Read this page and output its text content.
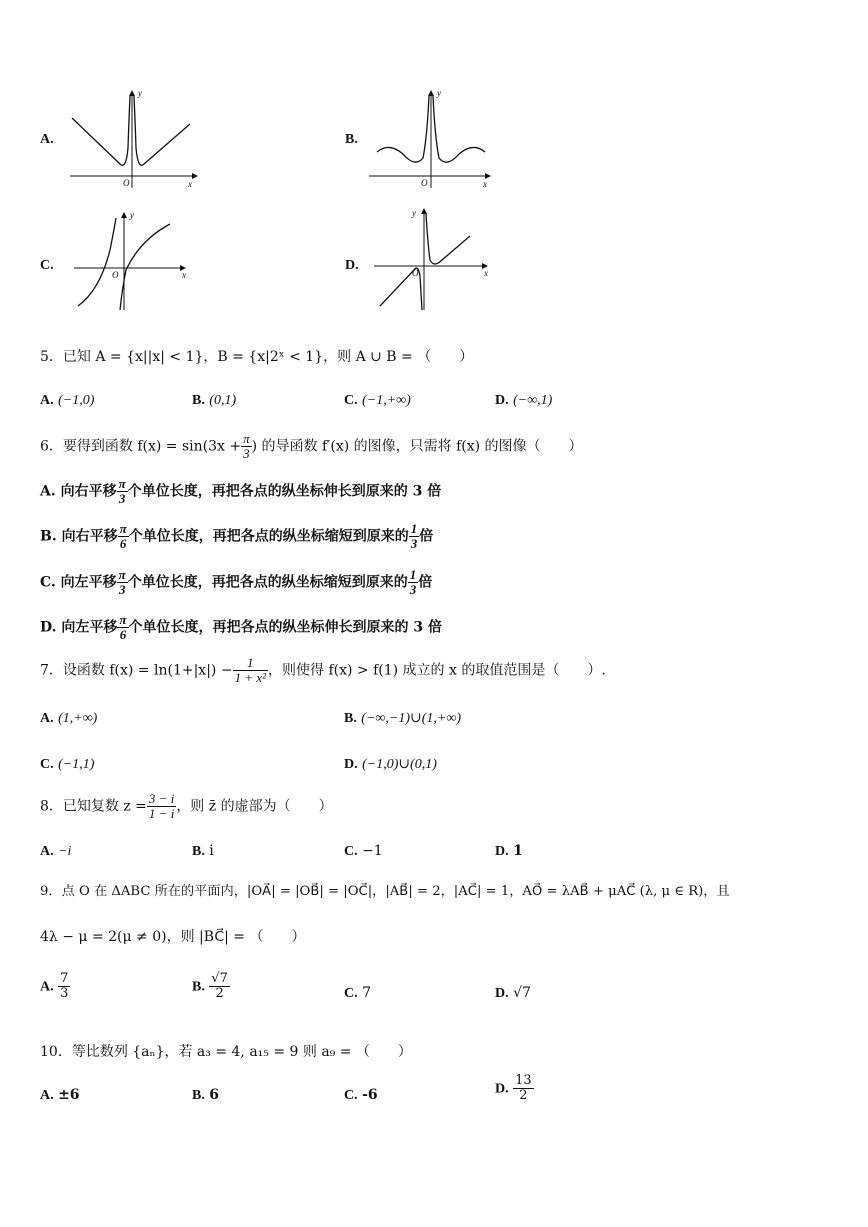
A.
y
x
O
B.
y
x
O
C.
y
x
O
D.
y
x
O
5．已知 A = {x||x| < 1}，B = {x|2ˣ < 1}，则 A ∪ B = （　　）
A. (−1,0)	B. (0,1)	C. (−1,+∞)	D. (−∞,1)
6．要得到函数 $f(x) = \sin(3x + \frac{\pi}{3}$ ) 的导函数 f′(x) 的图像，只需将 f(x) 的图像（　　）
A. 向右平移 $\frac{\pi}{3}$ 个单位长度，再把各点的纵坐标伸长到原来的 3 倍
B. 向右平移 $\frac{\pi}{6}$ 个单位长度，再把各点的纵坐标缩短到原来的 $\frac{1}{3}$ 倍
C. 向左平移 $\frac{\pi}{3}$ 个单位长度，再把各点的纵坐标缩短到原来的 $\frac{1}{3}$ 倍
D. 向左平移 $\frac{\pi}{6}$ 个单位长度，再把各点的纵坐标伸长到原来的 3 倍
7．设函数 $f(x) = \ln(1+|x|) - \frac{1}{\text{1 + x²}}$ ，则使得 f(x) > f(1) 成立的 x 的取值范围是（　　）.
A. (1,+∞)	B. (−∞,−1)∪(1,+∞)
C. (−1,1)	D. (−1,0)∪(0,1)
8．已知复数 $z = \frac{3 - i}{1 - i}$ ，则 z̄ 的虚部为（　　）
A. −i	B. i	C. −1	D. 1
9．点 O 在 ΔABC 所在的平面内，|OA⃗| = |OB⃗| = |OC⃗|，|AB⃗| = 2，|AC⃗| = 1，AO⃗ = λAB⃗ + μAC⃗ (λ, μ ∈ R)，且
4λ − μ = 2(μ ≠ 0)，则 |BC⃗| = （　　）
A. $\frac{7}{3}$	B. $\frac{√7}{2}$	C. 7	D. √7
10．等比数列 {aₙ}，若 a₃ = 4, a₁₅ = 9 则 a₉ = （　　）
A. ±6	B. 6	C. -6	D. $\frac{13}{2}$
